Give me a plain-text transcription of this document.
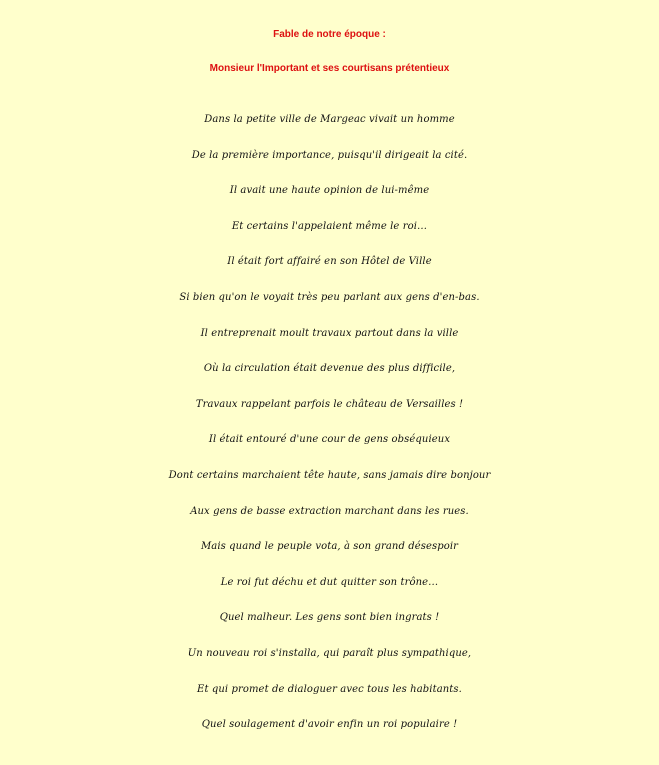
Fable de notre époque :
Monsieur l'Important et ses courtisans prétentieux
Dans la petite ville de Margeac vivait un homme
De la première importance, puisqu'il dirigeait la cité.
Il avait une haute opinion de lui-même
Et certains l'appelaient même le roi…
Il était fort affairé en son Hôtel de Ville
Si bien qu'on le voyait très peu parlant aux gens d'en-bas.
Il entreprenait moult travaux partout dans la ville
Où la circulation était devenue des plus difficile,
Travaux rappelant parfois le château de Versailles !
Il était entouré d'une cour de gens obséquieux
Dont certains marchaient tête haute, sans jamais dire bonjour
Aux gens de basse extraction marchant dans les rues.
Mais quand le peuple vota, à son grand désespoir
Le roi fut déchu et dut quitter son trône…
Quel malheur. Les gens sont bien ingrats !
Un nouveau roi s'installa, qui paraît plus sympathique,
Et qui promet de dialoguer avec tous les habitants.
Quel soulagement d'avoir enfin un roi populaire !
